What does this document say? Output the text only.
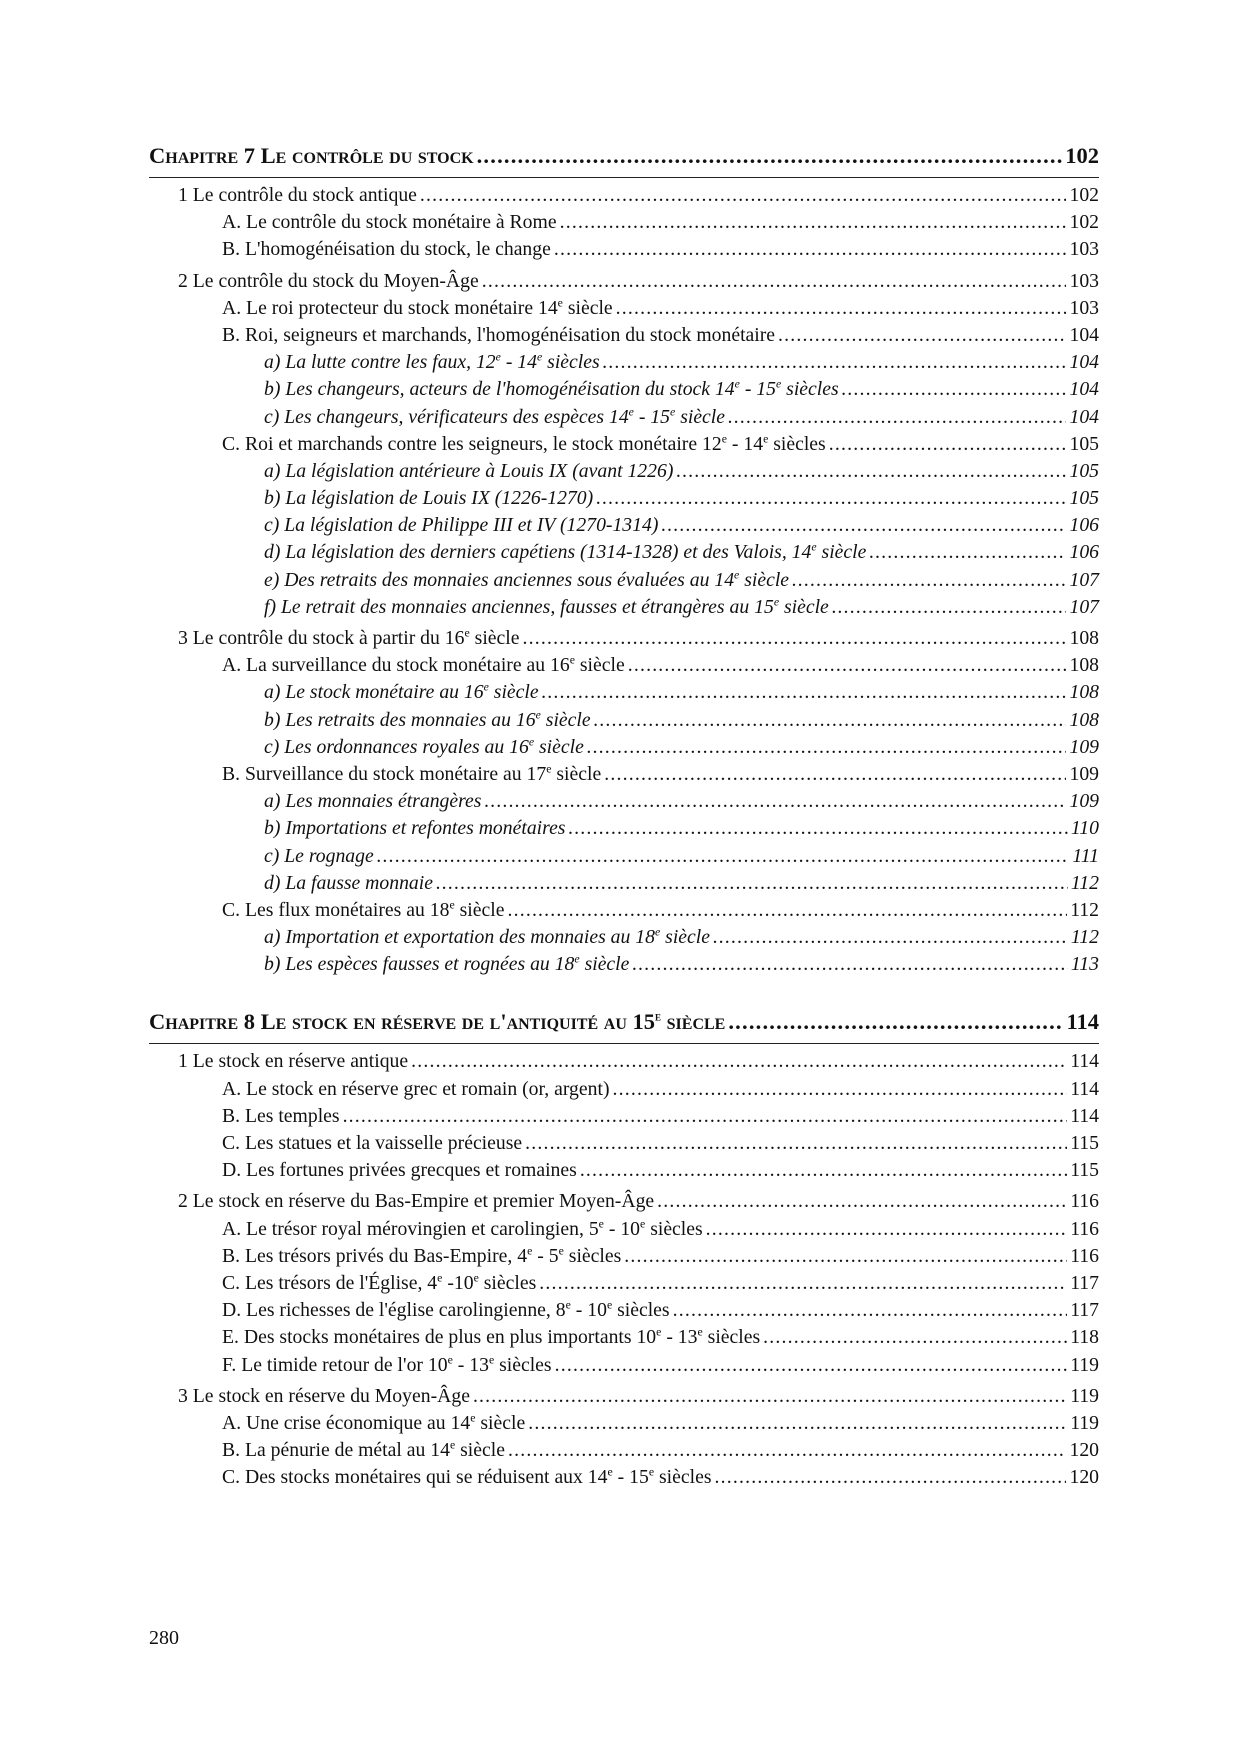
Chapitre 7 Le contrôle du stock .....	102
1 Le contrôle du stock antique .....	102
A. Le contrôle du stock monétaire à Rome .....	102
B. L'homogénéisation du stock, le change .....	103
2 Le contrôle du stock du Moyen-Âge .....	103
A. Le roi protecteur du stock monétaire 14e siècle .....	103
B. Roi, seigneurs et marchands, l'homogénéisation du stock monétaire .....	104
a) La lutte contre les faux, 12e - 14e siècles .....	104
b) Les changeurs, acteurs de l'homogénéisation du stock 14e - 15e siècles .....	104
c) Les changeurs, vérificateurs des espèces 14e - 15e siècle .....	104
C. Roi et marchands contre les seigneurs, le stock monétaire 12e - 14e siècles .....	105
a) La législation antérieure à Louis IX (avant 1226) .....	105
b) La législation de Louis IX (1226-1270) .....	105
c) La législation de Philippe III et IV (1270-1314) .....	106
d) La législation des derniers capétiens (1314-1328) et des Valois, 14e siècle .....	106
e) Des retraits des monnaies anciennes sous évaluées au 14e siècle .....	107
f) Le retrait des monnaies anciennes, fausses et étrangères au 15e siècle .....	107
3 Le contrôle du stock à partir du 16e siècle .....	108
A. La surveillance du stock monétaire au 16e siècle .....	108
a) Le stock monétaire au 16e siècle .....	108
b) Les retraits des monnaies au 16e siècle .....	108
c) Les ordonnances royales au 16e siècle .....	109
B. Surveillance du stock monétaire au 17e siècle .....	109
a) Les monnaies étrangères .....	109
b) Importations et refontes monétaires .....	110
c) Le rognage .....	111
d) La fausse monnaie .....	112
C. Les flux monétaires au 18e siècle .....	112
a) Importation et exportation des monnaies au 18e siècle .....	112
b) Les espèces fausses et rognées au 18e siècle .....	113
Chapitre 8 Le stock en réserve de l'antiquité au 15e siècle .....	114
1 Le stock en réserve antique .....	114
A. Le stock en réserve grec et romain (or, argent) .....	114
B. Les temples .....	114
C. Les statues et la vaisselle précieuse .....	115
D. Les fortunes privées grecques et romaines .....	115
2 Le stock en réserve du Bas-Empire et premier Moyen-Âge .....	116
A. Le trésor royal mérovingien et carolingien, 5e - 10e siècles .....	116
B. Les trésors privés du Bas-Empire, 4e - 5e siècles .....	116
C. Les trésors de l'Église, 4e -10e siècles .....	117
D. Les richesses de l'église carolingienne, 8e - 10e siècles .....	117
E. Des stocks monétaires de plus en plus importants 10e - 13e siècles .....	118
F. Le timide retour de l'or 10e - 13e siècles .....	119
3 Le stock en réserve du Moyen-Âge .....	119
A. Une crise économique au 14e siècle .....	119
B. La pénurie de métal au 14e siècle .....	120
C. Des stocks monétaires qui se réduisent aux 14e - 15e siècles .....	120
280
